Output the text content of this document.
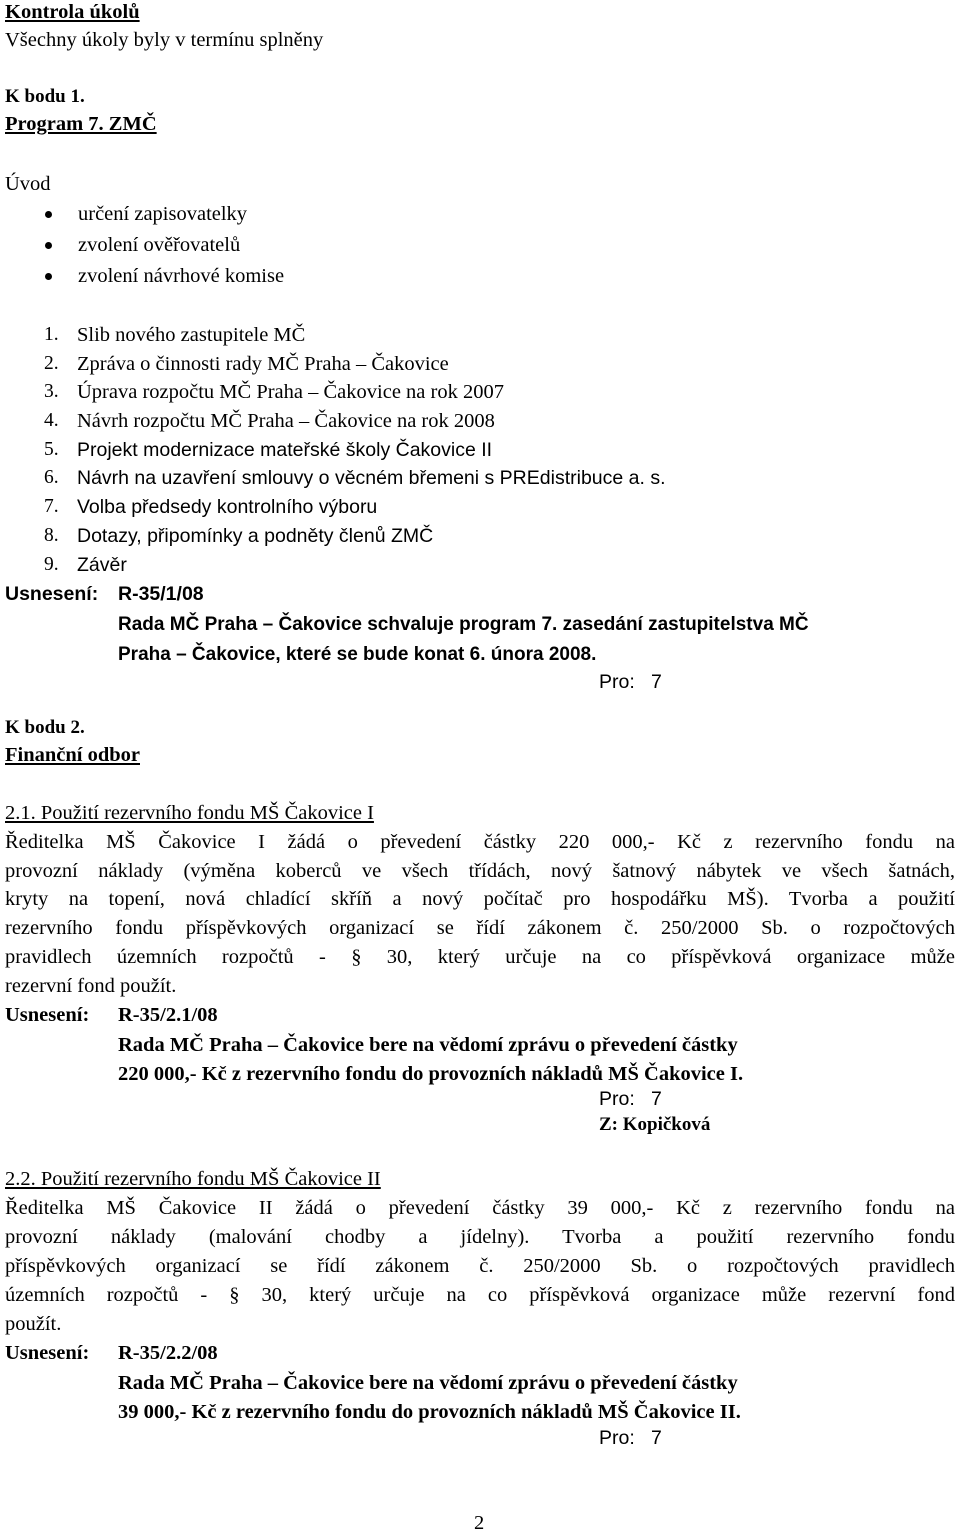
Kontrola úkolů
Všechny úkoly byly v termínu splněny
K bodu 1.
Program 7. ZMČ
Úvod
určení zapisovatelky
zvolení ověřovatelů
zvolení návrhové komise
1. Slib nového zastupitele MČ
2. Zpráva o činnosti rady MČ Praha – Čakovice
3. Úprava rozpočtu MČ Praha – Čakovice na rok 2007
4. Návrh rozpočtu MČ Praha – Čakovice na rok 2008
5. Projekt modernizace mateřské školy Čakovice II
6. Návrh na uzavření smlouvy o věcném břemeni s PREdistribuce a. s.
7. Volba předsedy kontrolního výboru
8. Dotazy, připomínky a podněty členů ZMČ
9. Závěr
Usnesení: R-35/1/08
Rada MČ Praha – Čakovice schvaluje program 7. zasedání zastupitelstva MČ
Praha – Čakovice, které se bude konat 6. února 2008.
Pro:   7
K bodu 2.
Finanční odbor
2.1. Použití rezervního fondu MŠ Čakovice I
Ředitelka MŠ Čakovice I žádá o převedení částky 220 000,- Kč z rezervního fondu na
provozní náklady (výměna koberců ve všech třídách, nový šatnový nábytek ve všech šatnách,
kryty na topení, nová chladící skříň a nový počítač pro hospodářku MŠ). Tvorba a použití
rezervního fondu příspěvkových organizací se řídí zákonem č. 250/2000 Sb. o rozpočtových
pravidlech územních rozpočtů - § 30, který určuje na co příspěvková organizace může
rezervní fond použít.
Usnesení: R-35/2.1/08
Rada MČ Praha – Čakovice bere na vědomí zprávu o převedení částky
220 000,- Kč z rezervního fondu do provozních nákladů MŠ Čakovice I.
Pro:   7
Z: Kopičková
2.2. Použití rezervního fondu MŠ Čakovice II
Ředitelka MŠ Čakovice II žádá o převedení částky 39 000,- Kč z rezervního fondu na
provozní náklady (malování chodby a jídelny). Tvorba a použití rezervního fondu
příspěvkových organizací se řídí zákonem č. 250/2000 Sb. o rozpočtových pravidlech
územních rozpočtů - § 30, který určuje na co příspěvková organizace může rezervní fond
použít.
Usnesení: R-35/2.2/08
Rada MČ Praha – Čakovice bere na vědomí zprávu o převedení částky
39 000,- Kč z rezervního fondu do provozních nákladů MŠ Čakovice II.
Pro:   7
2
